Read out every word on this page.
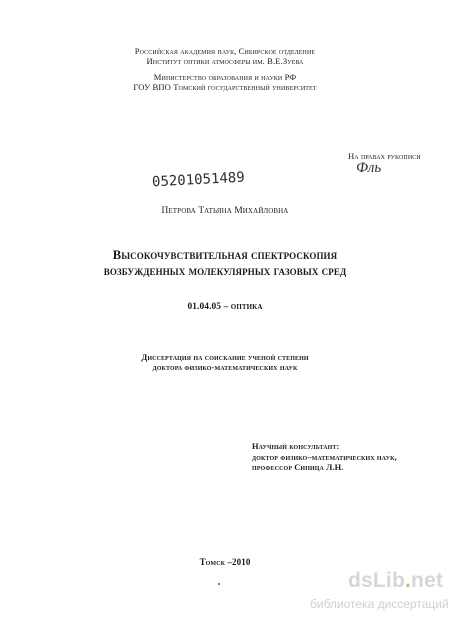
Российская академия наук, Сибирское отделение
Институт оптики атмосферы им. В.Е.Зуева
Министерство образования и науки РФ
ГОУ ВПО Томский государственный университет
На правах рукописи
Фль
05201051489
Петрова Татьяна Михайловна
Высокочувствительная спектроскопия
возбужденных молекулярных газовых сред
01.04.05 – оптика
Диссертация на соискание ученой степени
доктора физико-математических наук
Научный консультант:
доктор физико–математических наук,
профессор Синица Л.Н.
Томск –2010
dsLib.net
библиотека диссертаций
